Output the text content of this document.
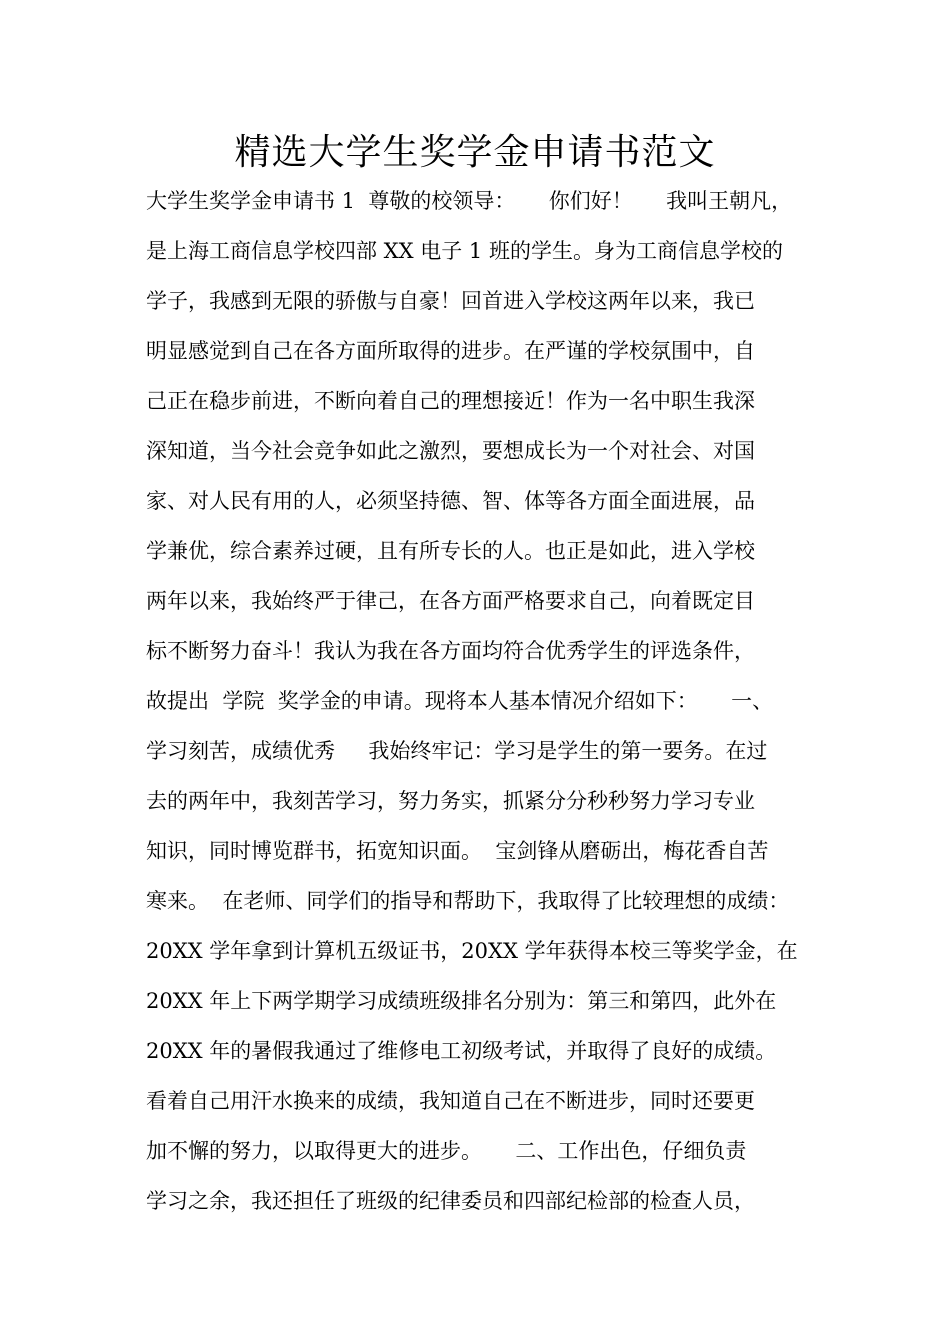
精选大学生奖学金申请书范文
大学生奖学金申请书 1  尊敬的校领导：     你们好！     我叫王朝凡，
是上海工商信息学校四部 XX 电子 1 班的学生。身为工商信息学校的
学子，我感到无限的骄傲与自豪！回首进入学校这两年以来，我已
明显感觉到自己在各方面所取得的进步。在严谨的学校氛围中，自
己正在稳步前进，不断向着自己的理想接近！作为一名中职生我深
深知道，当今社会竞争如此之激烈，要想成长为一个对社会、对国
家、对人民有用的人，必须坚持德、智、体等各方面全面进展，品
学兼优，综合素养过硬，且有所专长的人。也正是如此，进入学校
两年以来，我始终严于律己，在各方面严格要求自己，向着既定目
标不断努力奋斗！我认为我在各方面均符合优秀学生的评选条件，
故提出  学院  奖学金的申请。现将本人基本情况介绍如下：     一、
学习刻苦，成绩优秀     我始终牢记：学习是学生的第一要务。在过
去的两年中，我刻苦学习，努力务实，抓紧分分秒秒努力学习专业
知识，同时博览群书，拓宽知识面。  宝剑锋从磨砺出，梅花香自苦
寒来。  在老师、同学们的指导和帮助下，我取得了比较理想的成绩：
20XX 学年拿到计算机五级证书，20XX 学年获得本校三等奖学金，在
20XX 年上下两学期学习成绩班级排名分别为：第三和第四，此外在
20XX 年的暑假我通过了维修电工初级考试，并取得了良好的成绩。
看着自己用汗水换来的成绩，我知道自己在不断进步，同时还要更
加不懈的努力，以取得更大的进步。     二、工作出色，仔细负责
学习之余，我还担任了班级的纪律委员和四部纪检部的检查人员，
